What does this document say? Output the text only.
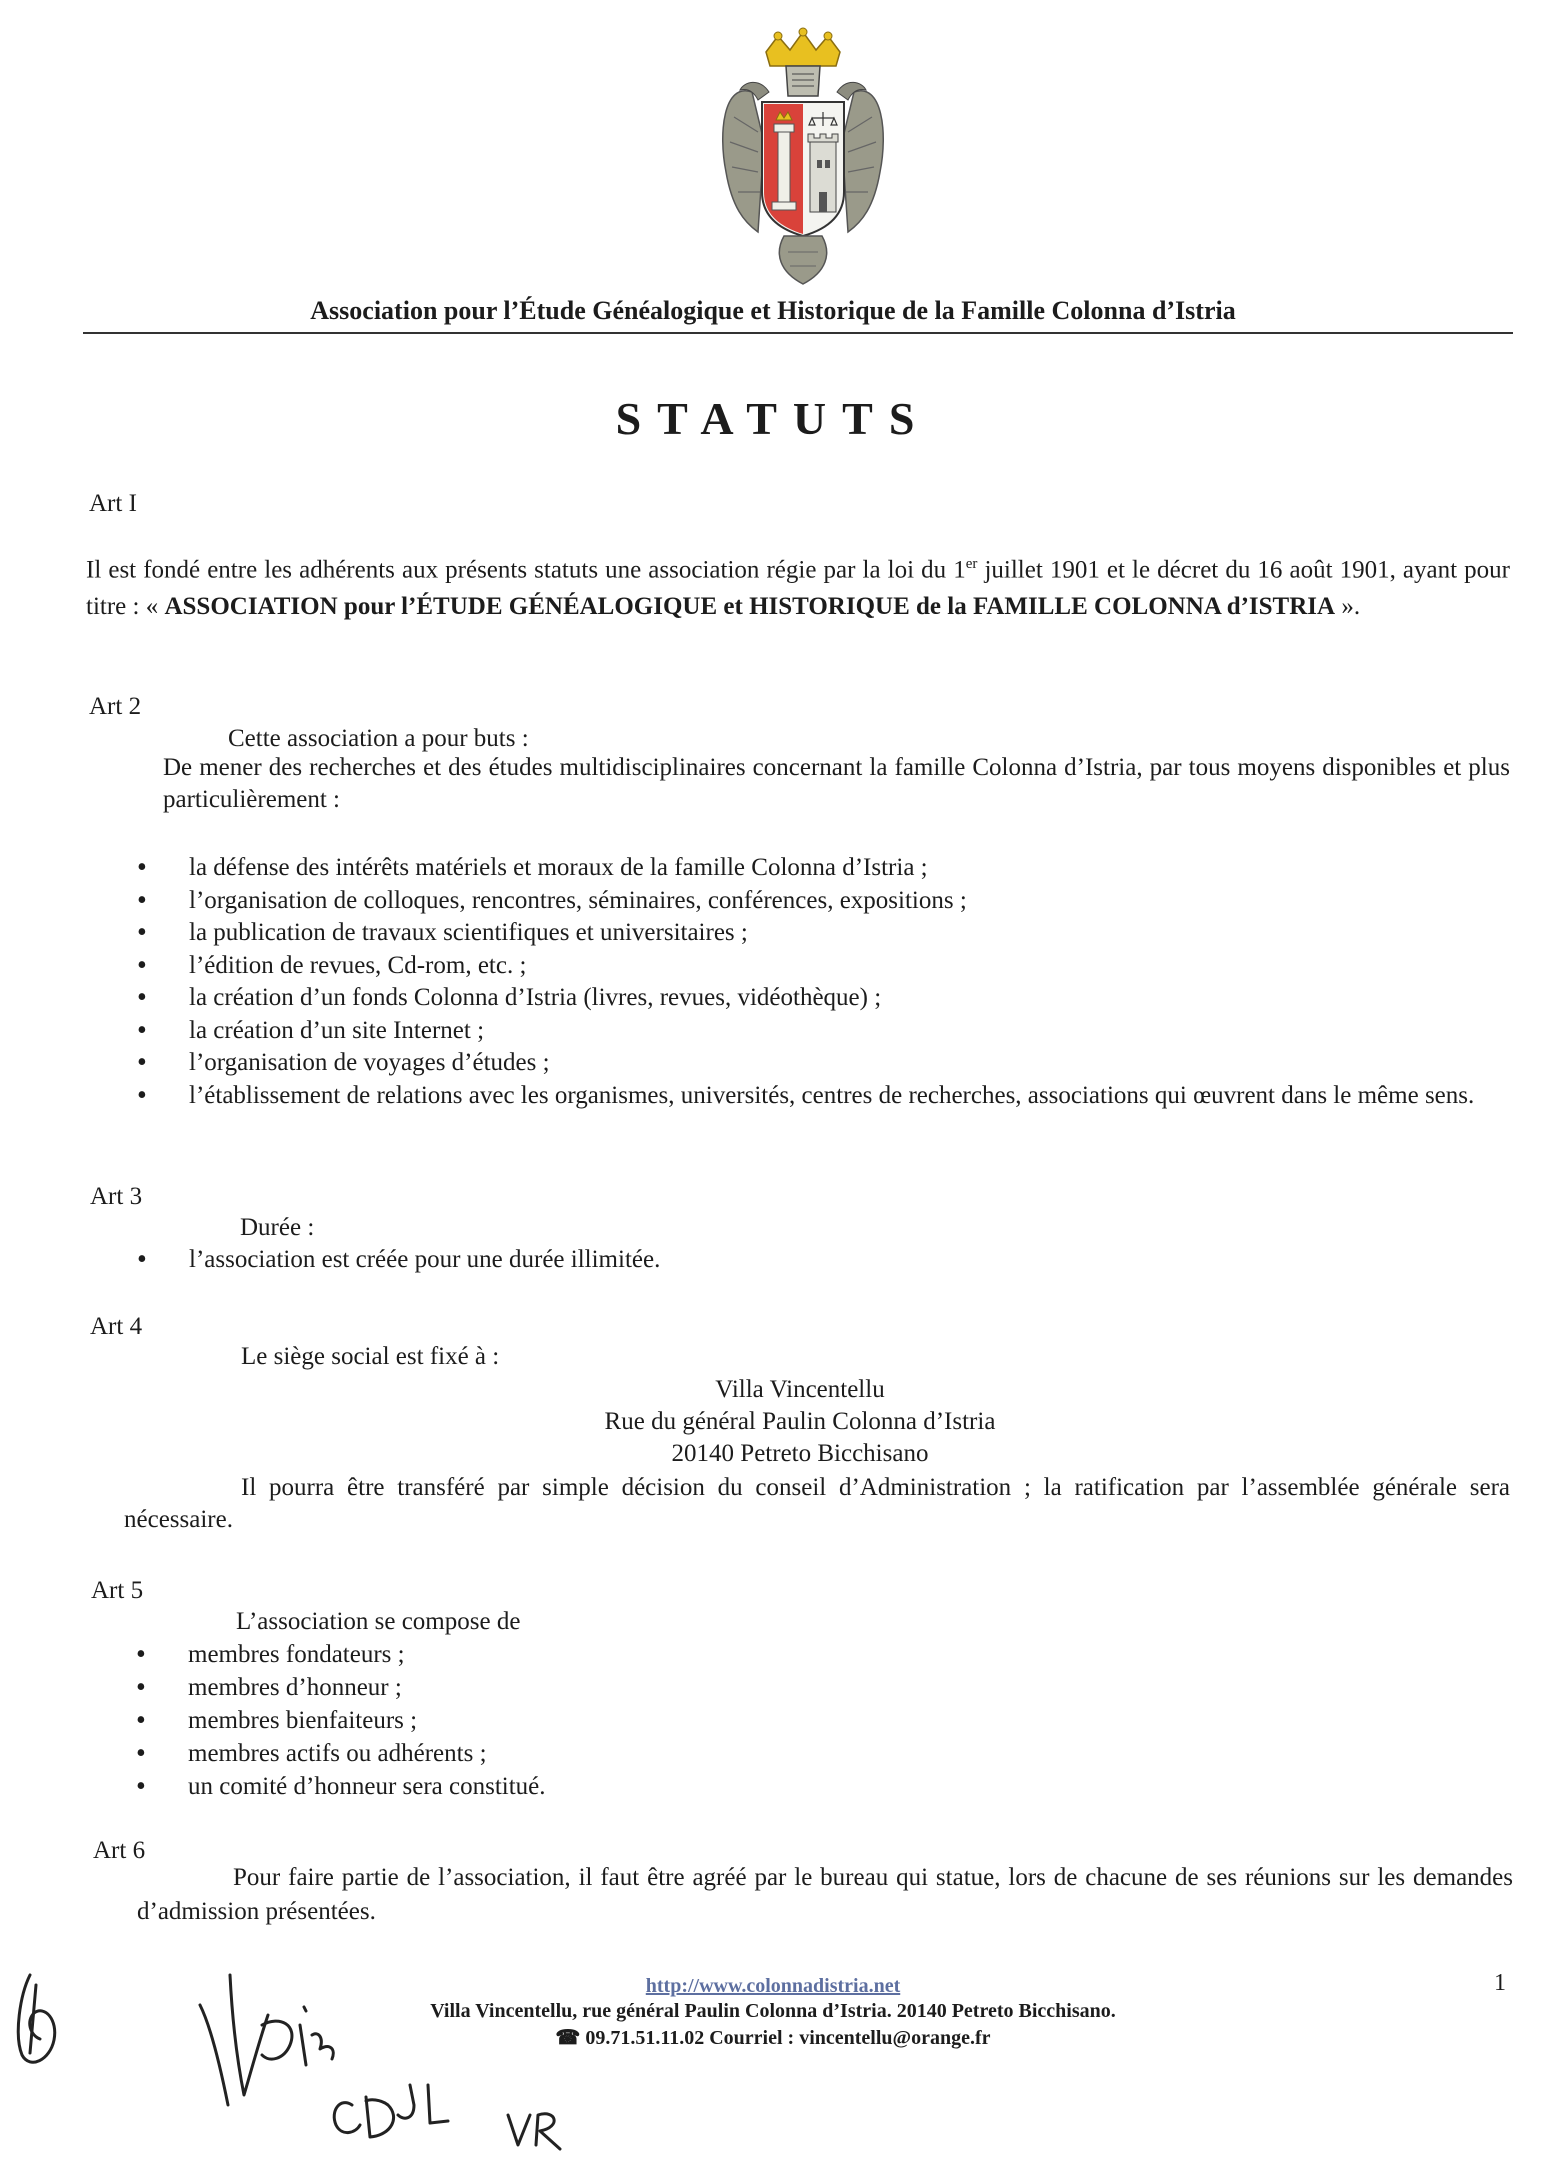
Association pour l’Étude Généalogique et Historique de la Famille Colonna d’Istria
STATUTS
Art I
Il est fondé entre les adhérents aux présents statuts une association régie par la loi du 1er juillet 1901 et le décret du 16 août 1901, ayant pour titre : « ASSOCIATION pour l’ÉTUDE GÉNÉALOGIQUE et HISTORIQUE de la FAMILLE COLONNA d’ISTRIA ».
Art 2
Cette association a pour buts :
De mener des recherches et des études multidisciplinaires concernant la famille Colonna d’Istria, par tous moyens disponibles et plus particulièrement :
• la défense des intérêts matériels et moraux de la famille Colonna d’Istria ;
• l’organisation de colloques, rencontres, séminaires, conférences, expositions ;
• la publication de travaux scientifiques et universitaires ;
• l’édition de revues, Cd-rom, etc. ;
• la création d’un fonds Colonna d’Istria (livres, revues, vidéothèque) ;
• la création d’un site Internet ;
• l’organisation de voyages d’études ;
• l’établissement de relations avec les organismes, universités, centres de recherches, associations qui œuvrent dans le même sens.
Art 3
Durée :
• l’association est créée pour une durée illimitée.
Art 4
Le siège social est fixé à :
Villa Vincentellu
Rue du général Paulin Colonna d’Istria
20140 Petreto Bicchisano
Il pourra être transféré par simple décision du conseil d’Administration ; la ratification par l’assemblée générale sera nécessaire.
Art 5
L’association se compose de
• membres fondateurs ;
• membres d’honneur ;
• membres bienfaiteurs ;
• membres actifs ou adhérents ;
• un comité d’honneur sera constitué.
Art 6
Pour faire partie de l’association, il faut être agréé par le bureau qui statue, lors de chacune de ses réunions sur les demandes d’admission présentées.
http://www.colonnadistria.net
Villa Vincentellu, rue général Paulin Colonna d’Istria. 20140 Petreto Bicchisano.
☎ 09.71.51.11.02 Courriel : vincentellu@orange.fr
1
